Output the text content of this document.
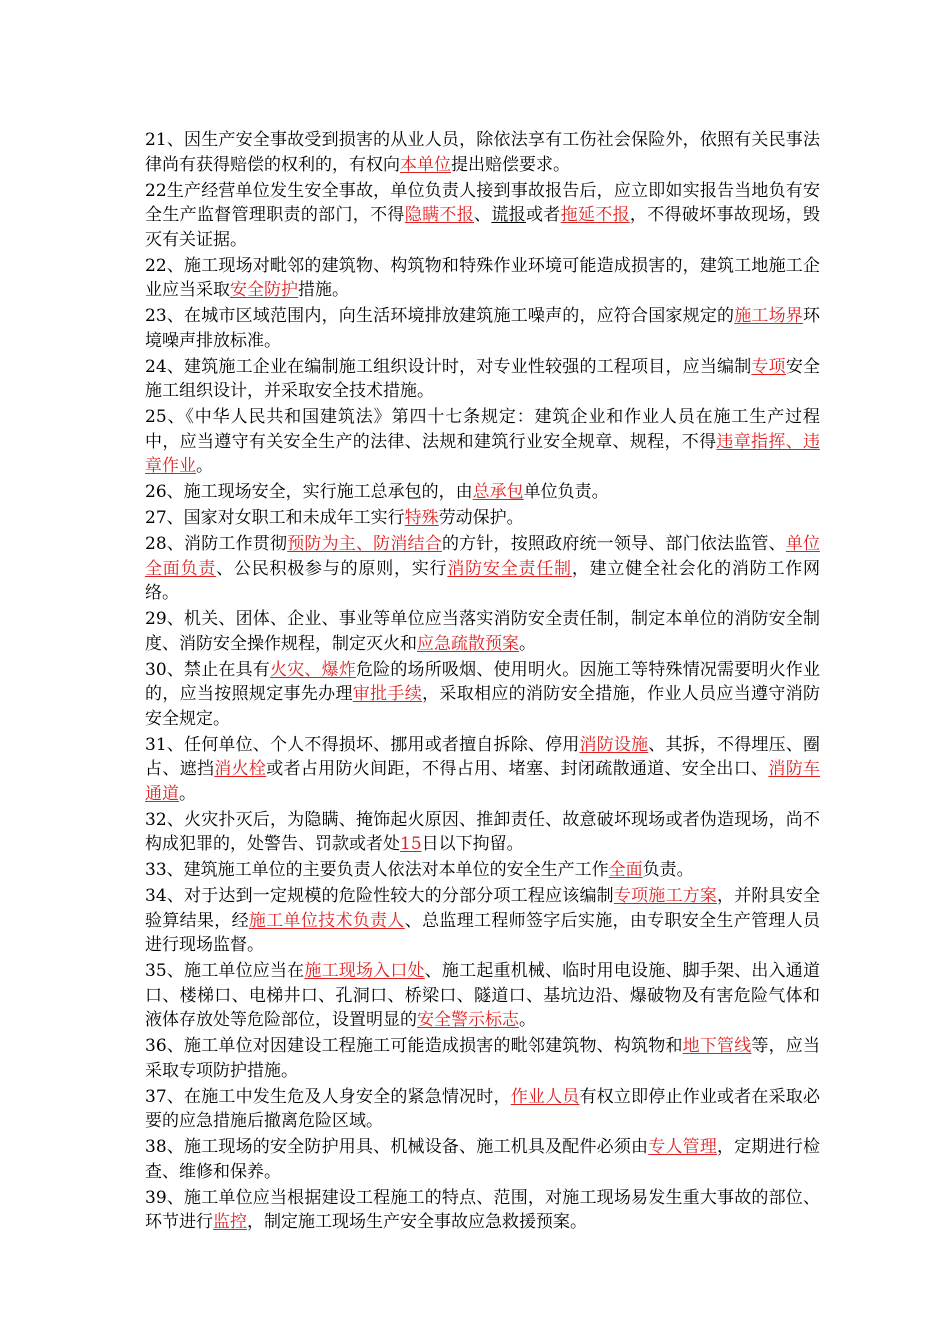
21、因生产安全事故受到损害的从业人员，除依法享有工伤社会保险外，依照有关民事法律尚有获得赔偿的权利的，有权向本单位提出赔偿要求。

22生产经营单位发生安全事故，单位负责人接到事故报告后，应立即如实报告当地负有安全生产监督管理职责的部门，不得隐瞒不报、谎报或者拖延不报，不得破坏事故现场，毁灭有关证据。

22、施工现场对毗邻的建筑物、构筑物和特殊作业环境可能造成损害的，建筑工地施工企业应当采取安全防护措施。

23、在城市区域范围内，向生活环境排放建筑施工噪声的，应符合国家规定的施工场界环境噪声排放标准。

24、建筑施工企业在编制施工组织设计时，对专业性较强的工程项目，应当编制专项安全施工组织设计，并采取安全技术措施。

25、《中华人民共和国建筑法》第四十七条规定：建筑企业和作业人员在施工生产过程中，应当遵守有关安全生产的法律、法规和建筑行业安全规章、规程，不得违章指挥、违章作业。

26、施工现场安全，实行施工总承包的，由总承包单位负责。

27、国家对女职工和未成年工实行特殊劳动保护。

28、消防工作贯彻预防为主、防消结合的方针，按照政府统一领导、部门依法监管、单位全面负责、公民积极参与的原则，实行消防安全责任制，建立健全社会化的消防工作网络。

29、机关、团体、企业、事业等单位应当落实消防安全责任制，制定本单位的消防安全制度、消防安全操作规程，制定灭火和应急疏散预案。

30、禁止在具有火灾、爆炸危险的场所吸烟、使用明火。因施工等特殊情况需要明火作业的，应当按照规定事先办理审批手续，采取相应的消防安全措施，作业人员应当遵守消防安全规定。

31、任何单位、个人不得损坏、挪用或者擅自拆除、停用消防设施、其拆，不得埋压、圈占、遮挡消火栓或者占用防火间距，不得占用、堵塞、封闭疏散通道、安全出口、消防车通道。

32、火灾扑灭后，为隐瞒、掩饰起火原因、推卸责任、故意破坏现场或者伪造现场，尚不构成犯罪的，处警告、罚款或者处15日以下拘留。

33、建筑施工单位的主要负责人依法对本单位的安全生产工作全面负责。

34、对于达到一定规模的危险性较大的分部分项工程应该编制专项施工方案，并附具安全验算结果，经施工单位技术负责人、总监理工程师签字后实施，由专职安全生产管理人员进行现场监督。

35、施工单位应当在施工现场入口处、施工起重机械、临时用电设施、脚手架、出入通道口、楼梯口、电梯井口、孔洞口、桥梁口、隧道口、基坑边沿、爆破物及有害危险气体和液体存放处等危险部位，设置明显的安全警示标志。

36、施工单位对因建设工程施工可能造成损害的毗邻建筑物、构筑物和地下管线等，应当采取专项防护措施。

37、在施工中发生危及人身安全的紧急情况时，作业人员有权立即停止作业或者在采取必要的应急措施后撤离危险区域。

38、施工现场的安全防护用具、机械设备、施工机具及配件必须由专人管理，定期进行检查、维修和保养。

39、施工单位应当根据建设工程施工的特点、范围，对施工现场易发生重大事故的部位、环节进行监控，制定施工现场生产安全事故应急救援预案。
